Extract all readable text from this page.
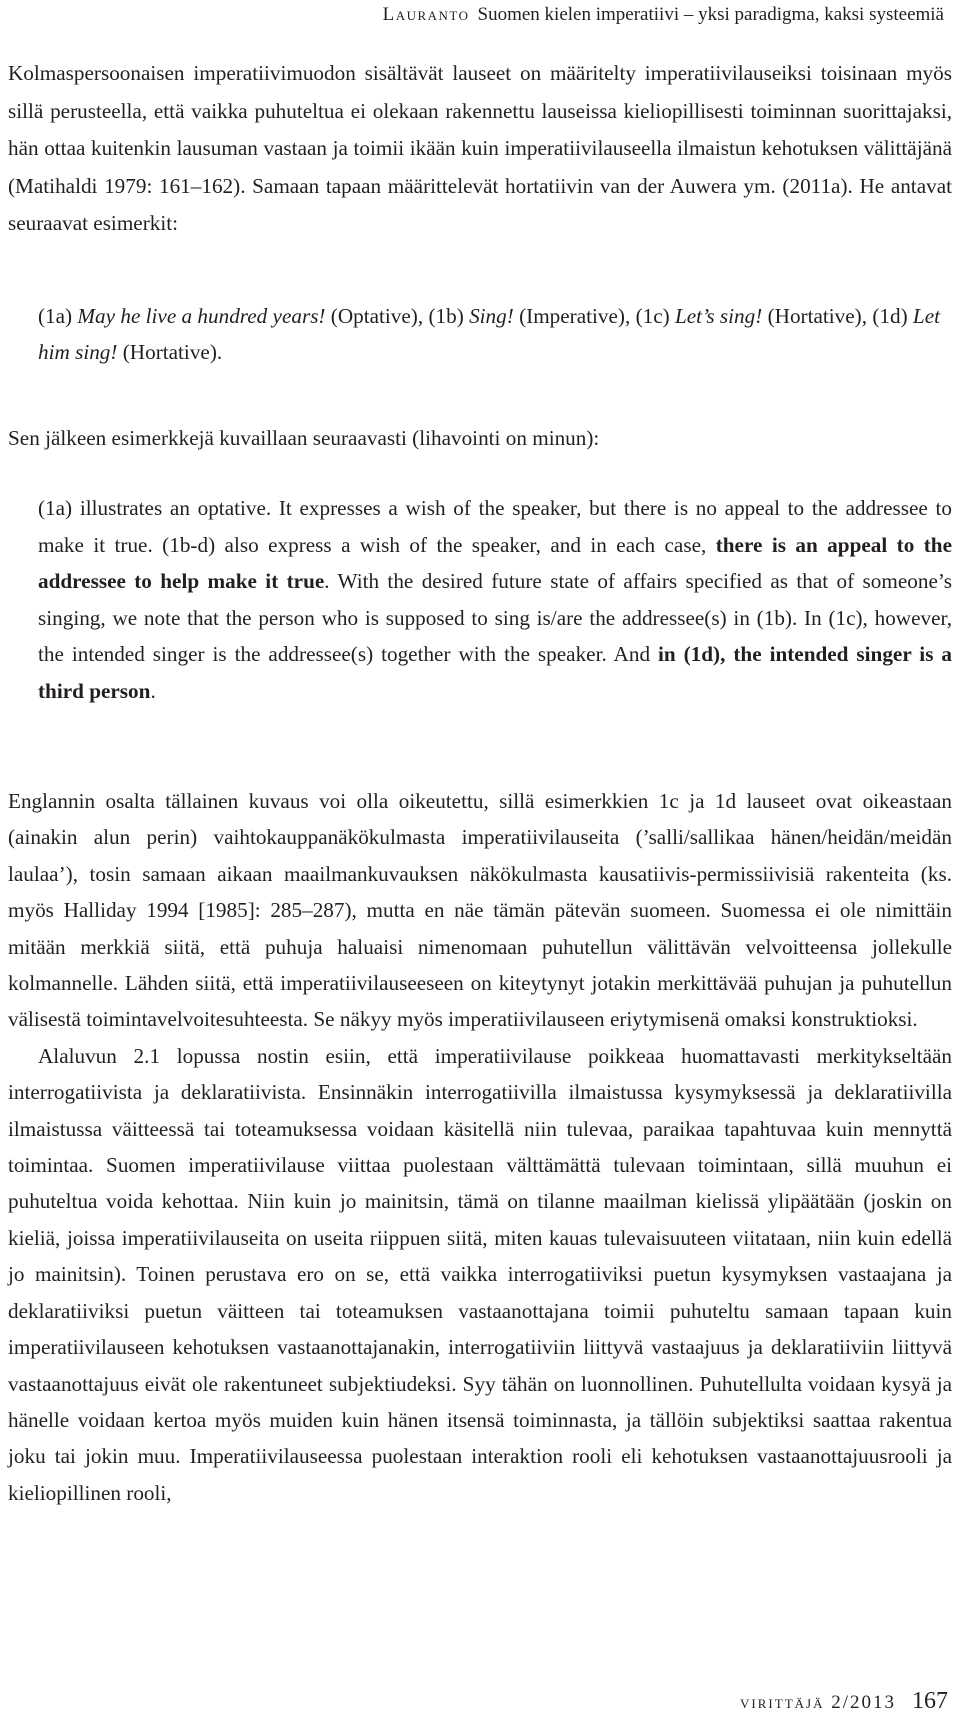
Lauranto Suomen kielen imperatiivi – yksi paradigma, kaksi systeemiä
Kolmaspersoonaisen imperatiivimuodon sisältävät lauseet on määritelty imperatiivilauseiksi toisinaan myös sillä perusteella, että vaikka puhuteltua ei olekaan rakennettu lauseissa kieliopillisesti toiminnan suorittajaksi, hän ottaa kuitenkin lausuman vastaan ja toimii ikään kuin imperatiivilauseella ilmaistun kehotuksen välittäjänä (Matihaldi 1979: 161–162). Samaan tapaan määrittelevät hortatiivin van der Auwera ym. (2011a). He antavat seuraavat esimerkit:
(1a) May he live a hundred years! (Optative), (1b) Sing! (Imperative), (1c) Let’s sing! (Hortative), (1d) Let him sing! (Hortative).
Sen jälkeen esimerkkejä kuvaillaan seuraavasti (lihavointi on minun):
(1a) illustrates an optative. It expresses a wish of the speaker, but there is no appeal to the addressee to make it true. (1b-d) also express a wish of the speaker, and in each case, there is an appeal to the addressee to help make it true. With the desired future state of affairs specified as that of someone’s singing, we note that the person who is supposed to sing is/are the addressee(s) in (1b). In (1c), however, the intended singer is the addressee(s) together with the speaker. And in (1d), the intended singer is a third person.
Englannin osalta tällainen kuvaus voi olla oikeutettu, sillä esimerkkien 1c ja 1d lauseet ovat oikeastaan (ainakin alun perin) vaihtokauppanäkökulmasta imperatiivilauseita (’salli/sallikaa hänen/heidän/meidän laulaa’), tosin samaan aikaan maailmankuvauksen näkökulmasta kausatiivis-permissiivisiä rakenteita (ks. myös Halliday 1994 [1985]: 285–287), mutta en näe tämän pätevän suomeen. Suomessa ei ole nimittäin mitään merkkiä siitä, että puhuja haluaisi nimenomaan puhutellun välittävän velvoitteensa jollekulle kolmannelle. Lähden siitä, että imperatiivilauseeseen on kiteytynyt jotakin merkittävää puhujan ja puhutellun välisestä toimintavelvoitesuhteesta. Se näkyy myös imperatiivilauseen eriytymisenä omaksi konstruktioksi.
Alaluvun 2.1 lopussa nostin esiin, että imperatiivilause poikkeaa huomattavasti merkitykseltään interrogatiivista ja deklaratiivista. Ensinnäkin interrogatiivilla ilmaistussa kysymyksessä ja deklaratiivilla ilmaistussa väitteessä tai toteamuksessa voidaan käsitellä niin tulevaa, paraikaa tapahtuvaa kuin mennyttä toimintaa. Suomen imperatiivilause viittaa puolestaan välttämättä tulevaan toimintaan, sillä muuhun ei puhuteltua voida kehottaa. Niin kuin jo mainitsin, tämä on tilanne maailman kielissä ylipäätään (joskin on kieliä, joissa imperatiivilauseita on useita riippuen siitä, miten kauas tulevaisuuteen viitataan, niin kuin edellä jo mainitsin). Toinen perustava ero on se, että vaikka interrogatiiviksi puetun kysymyksen vastaajana ja deklaratiiviksi puetun väitteen tai toteamuksen vastaanottajana toimii puhuteltu samaan tapaan kuin imperatiivilauseen kehotuksen vastaanottajanakin, interrogatiiviin liittyvä vastaajuus ja deklaratiiviin liittyvä vastaanottajuus eivät ole rakentuneet subjektiudeksi. Syy tähän on luonnollinen. Puhutellulta voidaan kysyä ja hänelle voidaan kertoa myös muiden kuin hänen itsensä toiminnasta, ja tällöin subjektiksi saattaa rakentua joku tai jokin muu. Imperatiivilauseessa puolestaan interaktion rooli eli kehotuksen vastaanottajuusrooli ja kieliopillinen rooli,
virittäjä 2/2013 167
